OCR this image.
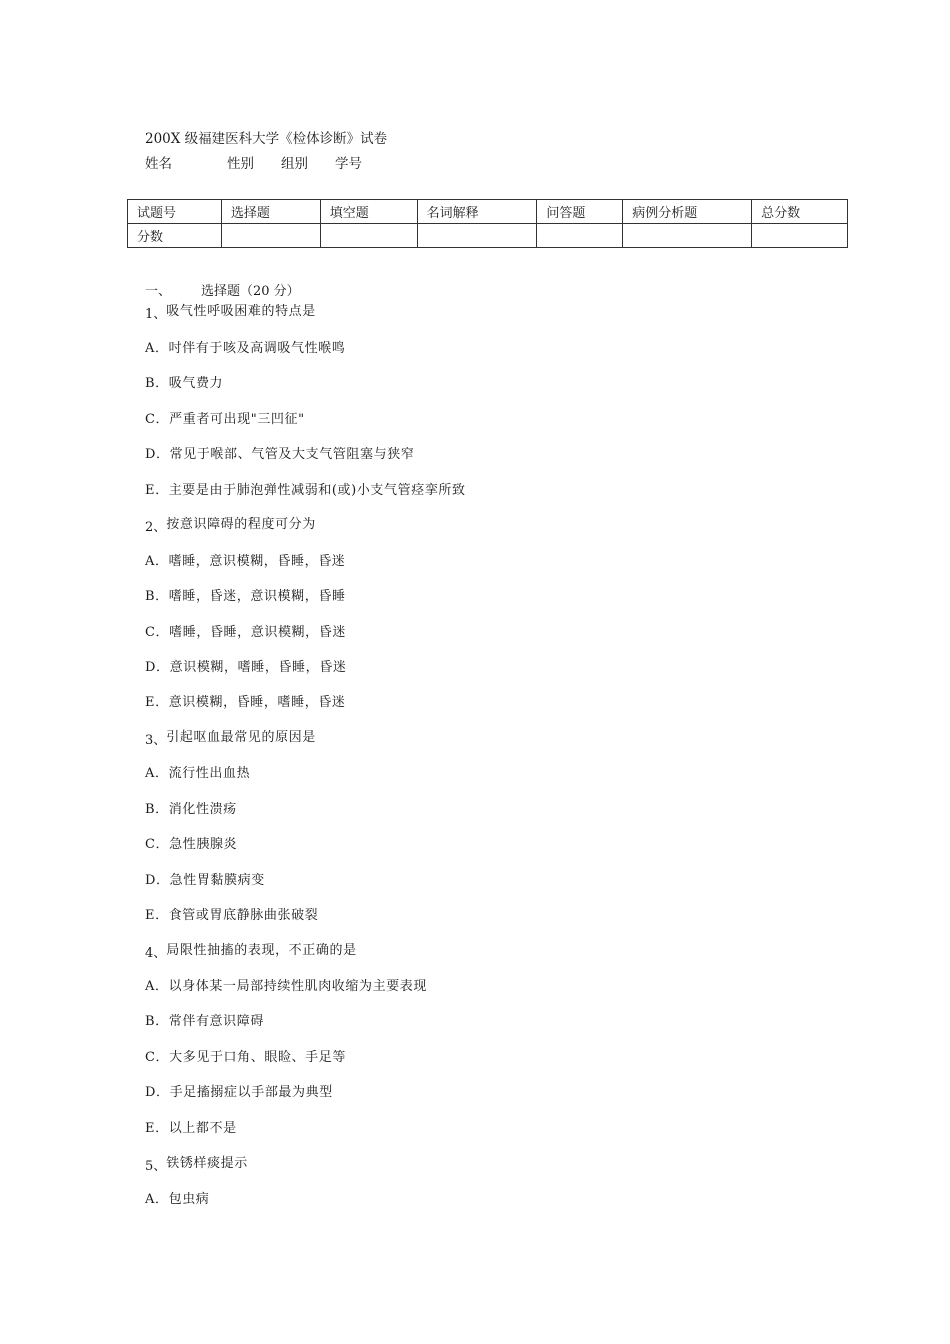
200X 级福建医科大学《检体诊断》试卷
姓名	性别 组别 学号
试题号	选择题	填空题	名词解释	问答题	病例分析题	总分数
分数						
一、 选择题（20 分）
1、吸气性呼吸困难的特点是
A．吋伴有于咳及高调吸气性喉鸣
B．吸气费力
C．严重者可出现"三凹征"
D．常见于喉部、气管及大支气管阻塞与狭窄
E．主要是由于肺泡弹性减弱和(或)小支气管痉挛所致
2、按意识障碍的程度可分为
A．嗜睡，意识模糊，昏睡，昏迷
B．嗜睡，昏迷，意识模糊，昏睡
C．嗜睡，昏睡，意识模糊，昏迷
D．意识模糊，嗜睡，昏睡，昏迷
E．意识模糊，昏睡，嗜睡，昏迷
3、引起呕血最常见的原因是
A．流行性出血热
B．消化性溃疡
C．急性胰腺炎
D．急性胃黏膜病变
E．食管或胃底静脉曲张破裂
4、局限性抽搐的表现，不正确的是
A．以身体某一局部持续性肌肉收缩为主要表现
B．常伴有意识障碍
C．大多见于口角、眼睑、手足等
D．手足搐搦症以手部最为典型
E．以上都不是
5、铁锈样痰提示
A．包虫病
